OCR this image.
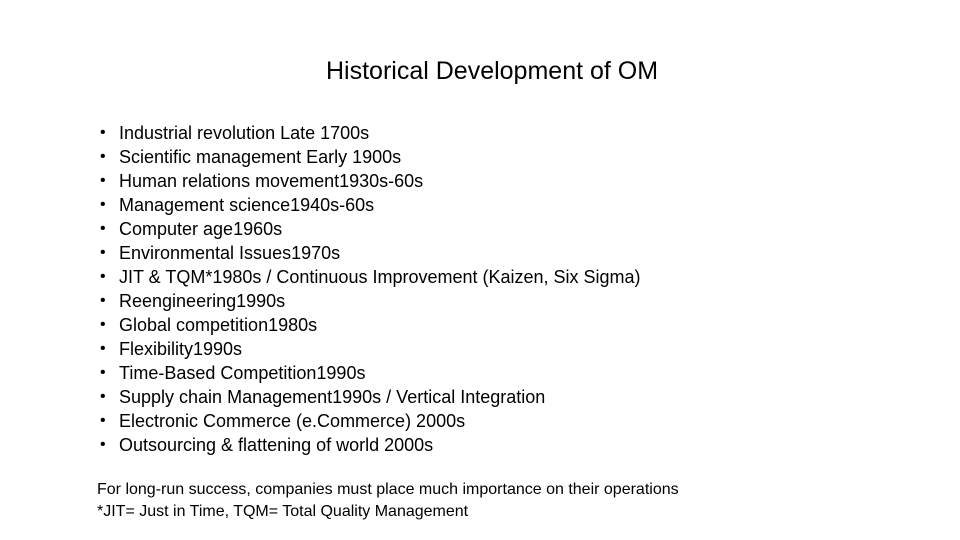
Historical Development of OM
• Industrial revolution Late 1700s
• Scientific management Early 1900s
• Human relations movement1930s-60s
• Management science1940s-60s
• Computer age1960s
• Environmental Issues1970s
• JIT & TQM*1980s / Continuous Improvement (Kaizen, Six Sigma)
• Reengineering1990s
• Global competition1980s
• Flexibility1990s
• Time-Based Competition1990s
• Supply chain Management1990s / Vertical Integration
• Electronic Commerce (e.Commerce) 2000s
• Outsourcing & flattening of world 2000s
For long-run success, companies must place much importance on their operations
*JIT= Just in Time, TQM= Total Quality Management
